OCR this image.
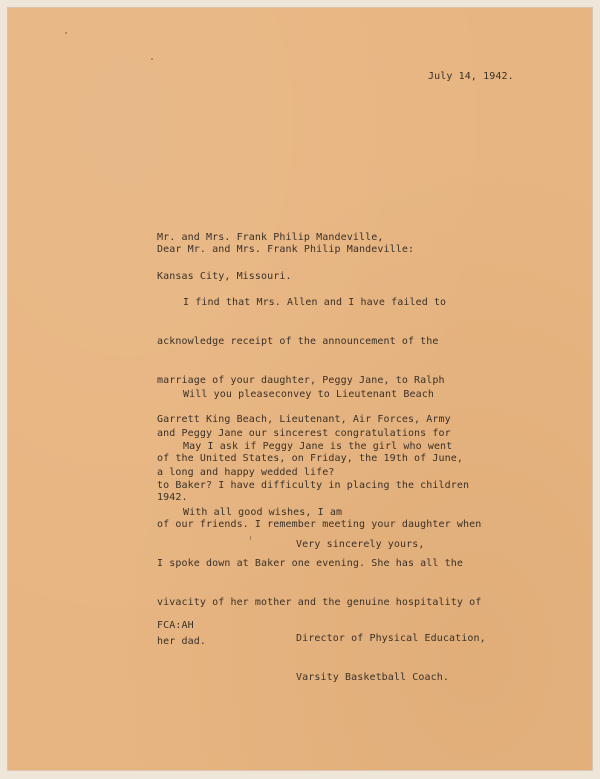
July 14, 1942.

Mr. and Mrs. Frank Philip Mandeville,

Kansas City, Missouri.

Dear Mr. and Mrs. Frank Philip Mandeville:

I find that Mrs. Allen and I have failed to

acknowledge receipt of the announcement of the

marriage of your daughter, Peggy Jane, to Ralph

Garrett King Beach, Lieutenant, Air Forces, Army

of the United States, on Friday, the 19th of June,

1942.

Will you pleaseconvey to Lieutenant Beach

and Peggy Jane our sincerest congratulations for

a long and happy wedded life?

May I ask if Peggy Jane is the girl who went

to Baker? I have difficulty in placing the children

of our friends. I remember meeting your daughter when

I spoke down at Baker one evening. She has all the

vivacity of her mother and the genuine hospitality of

her dad.

With all good wishes, I am
Very sincerely yours,

Director of Physical Education,

Varsity Basketball Coach.

FCA:AH
